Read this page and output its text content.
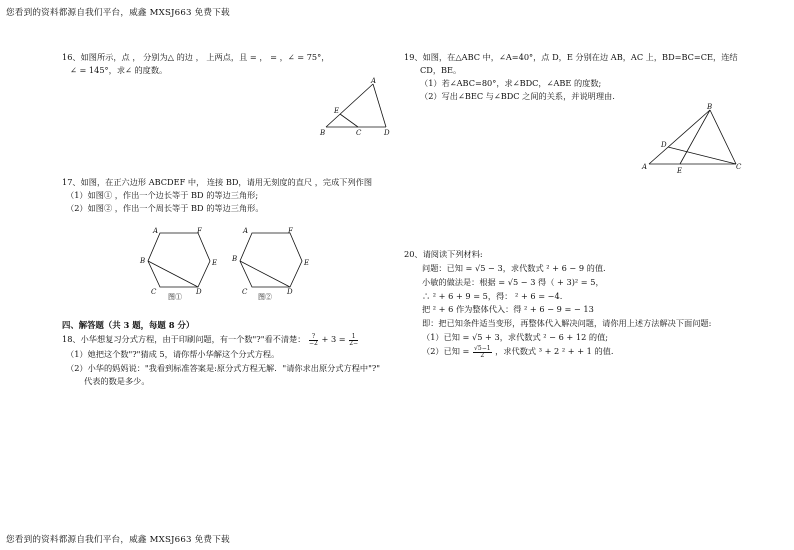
您看到的资料都源自我们平台，威鑫 MXSJ663 免费下载
16、如图所示，点 ， 分别为△ 的边 ， 上两点，且 = ， = ，∠ = 75°，
∠ = 145°，求∠ 的度数。
A
E
B	C	D
17、如图，在正六边形 ABCDEF 中， 连接 BD，请用无刻度的直尺 ，完成下列作图
（1）如图① ，作出一个边长等于 BD 的等边三角形;
（2）如图② ，作出一个周长等于 BD 的等边三角形。
A	F
B	E
C	D
图①
A	F
B	E
C	D
图②
四、解答题（共 3 题，每题 8 分）
18、小华想复习分式方程，由于印刷问题，有一个数"?"看不清楚： $\frac{?}{-2} + 3 = \frac{1}{2-}$
（1）她把这个数"?"猜成 5，请你帮小华解这个分式方程。
（2）小华的妈妈说："我看到标准答案是:原分式方程无解．"请你求出原分式方程中"?"
代表的数是多少。
19、如图，在△ABC 中，∠A=40°，点 D，E 分别在边 AB，AC 上，BD=BC=CE，连结
CD，BE。
（1）若∠ABC=80°，求∠BDC，∠ABE 的度数;
（2）写出∠BEC 与∠BDC 之间的关系，并说明理由.
B
D
A	E	C
20、请阅读下列材料:
问题：已知 = √5 − 3，求代数式 ² + 6 − 9 的值.
小敏的做法是：根据 = √5 − 3 得（ + 3)² = 5，
∴ ² + 6 + 9 = 5，得： ² + 6 = −4.
把 ² + 6 作为整体代入：得 ² + 6 − 9 = − 13
即：把已知条件适当变形，再整体代入解决问题，请你用上述方法解决下面问题:
（1）已知 = √5 + 3，求代数式 ² − 6 + 12 的值;
（2）已知 = $\frac{√5-1}{2}$ ，求代数式 ³ + 2 ² + + 1 的值.
您看到的资料都源自我们平台，威鑫 MXSJ663 免费下载
